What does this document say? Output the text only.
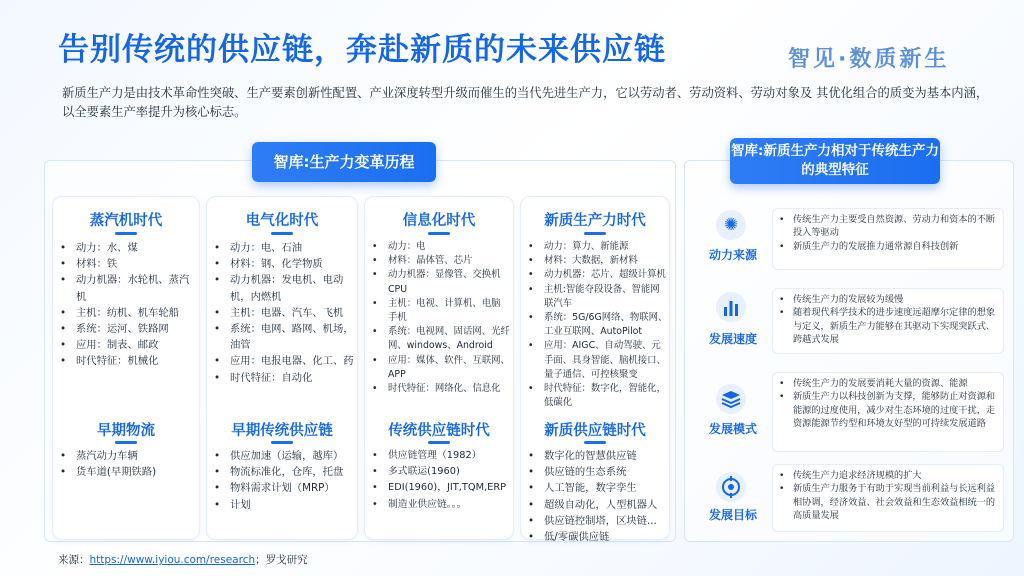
告别传统的供应链，奔赴新质的未来供应链	智见·数质新生
新质生产力是由技术革命性突破、生产要素创新性配置、产业深度转型升级而催生的当代先进生产力，它以劳动者、劳动资料、劳动对象及 其优化组合的质变为基本内涵，以全要素生产率提升为核心标志。
智库:生产力变革历程
智库:新质生产力相对于传统生产力的典型特征
蒸汽机时代
• 动力：水、煤
• 材料：铁
• 动力机器：水轮机、蒸汽机
• 主机：纺机、机车轮船
• 系统：运河、铁路网
• 应用：制表、邮政
• 时代特征：机械化
电气化时代
• 动力：电、石油
• 材料：钢、化学物质
• 动力机器：发电机、电动机，内燃机
• 主机：电器、汽车、飞机
• 系统：电网、路网、机场，油管
• 应用：电报电器、化工、药
• 时代特征：自动化
信息化时代
• 动力：电
• 材料：晶体管、芯片
• 动力机器：显像管、交换机 CPU
• 主机：电视、计算机、电脑 手机
• 系统：电视网、固话网、光纤网、windows、Android
• 应用：媒体、软件、互联网、APP
• 时代特征：网络化、信息化
新质生产力时代
• 动力：算力、新能源
• 材料：大数据，新材料
• 动力机器：芯片、超级计算机
• 主机:智能夺段设备、智能网联汽车
• 系统：5G/6G网络、物联网、工业互联网、AutoPilot
• 应用：AIGC、自动驾驶、元手面、具身智能、脑机接口、量子通信、可控核聚变
• 时代特征：数字化，智能化，低碳化
早期物流
• 蒸汽动力车辆
• 货车道(早期铁路)
早期传统供应链
• 供应加速（运输，越库）
• 物流标准化，仓库，托盘
• 物料需求计划（MRP）
• 计划
传统供应链时代
• 供应链管理（1982）
• 多式联运(1960)
• EDI(1960)，JIT,TQM,ERP
• 制造业供应链。。。
新质供应链时代
• 数字化的智慧供应链
• 供应链的生态系统
• 人工智能，数字孪生
• 超级自动化，人型机器人
• 供应链控制塔，区块链...
• 低/零碳供应链
✺
动力来源
• 传统生产力主要受自然资源、劳动力和资本的不断投入等驱动
• 新质生产力的发展推力通常源自科技创新
发展速度
• 传统生产力的发展较为缓慢
• 随着现代科学技术的进步速度远超摩尔定律的想象与定义，新质生产力能够在其驱动下实现突跃式、跨越式发展
发展模式
• 传统生产力的发展要消耗大量的资源、能源
• 新质生产力以科技创新为支撑，能够防止对资源和能源的过度使用，减少对生态环境的过度干扰，走资源能源节约型和环境友好型的可持续发展道路
发展目标
• 传统生产力追求经济规模的扩大
• 新质生产力服务于有助于实现当前利益与长远利益相协调，经济效益、社会效益和生态效益相统一的高质量发展
来源：https://www.iyiou.com/research；罗戈研究
